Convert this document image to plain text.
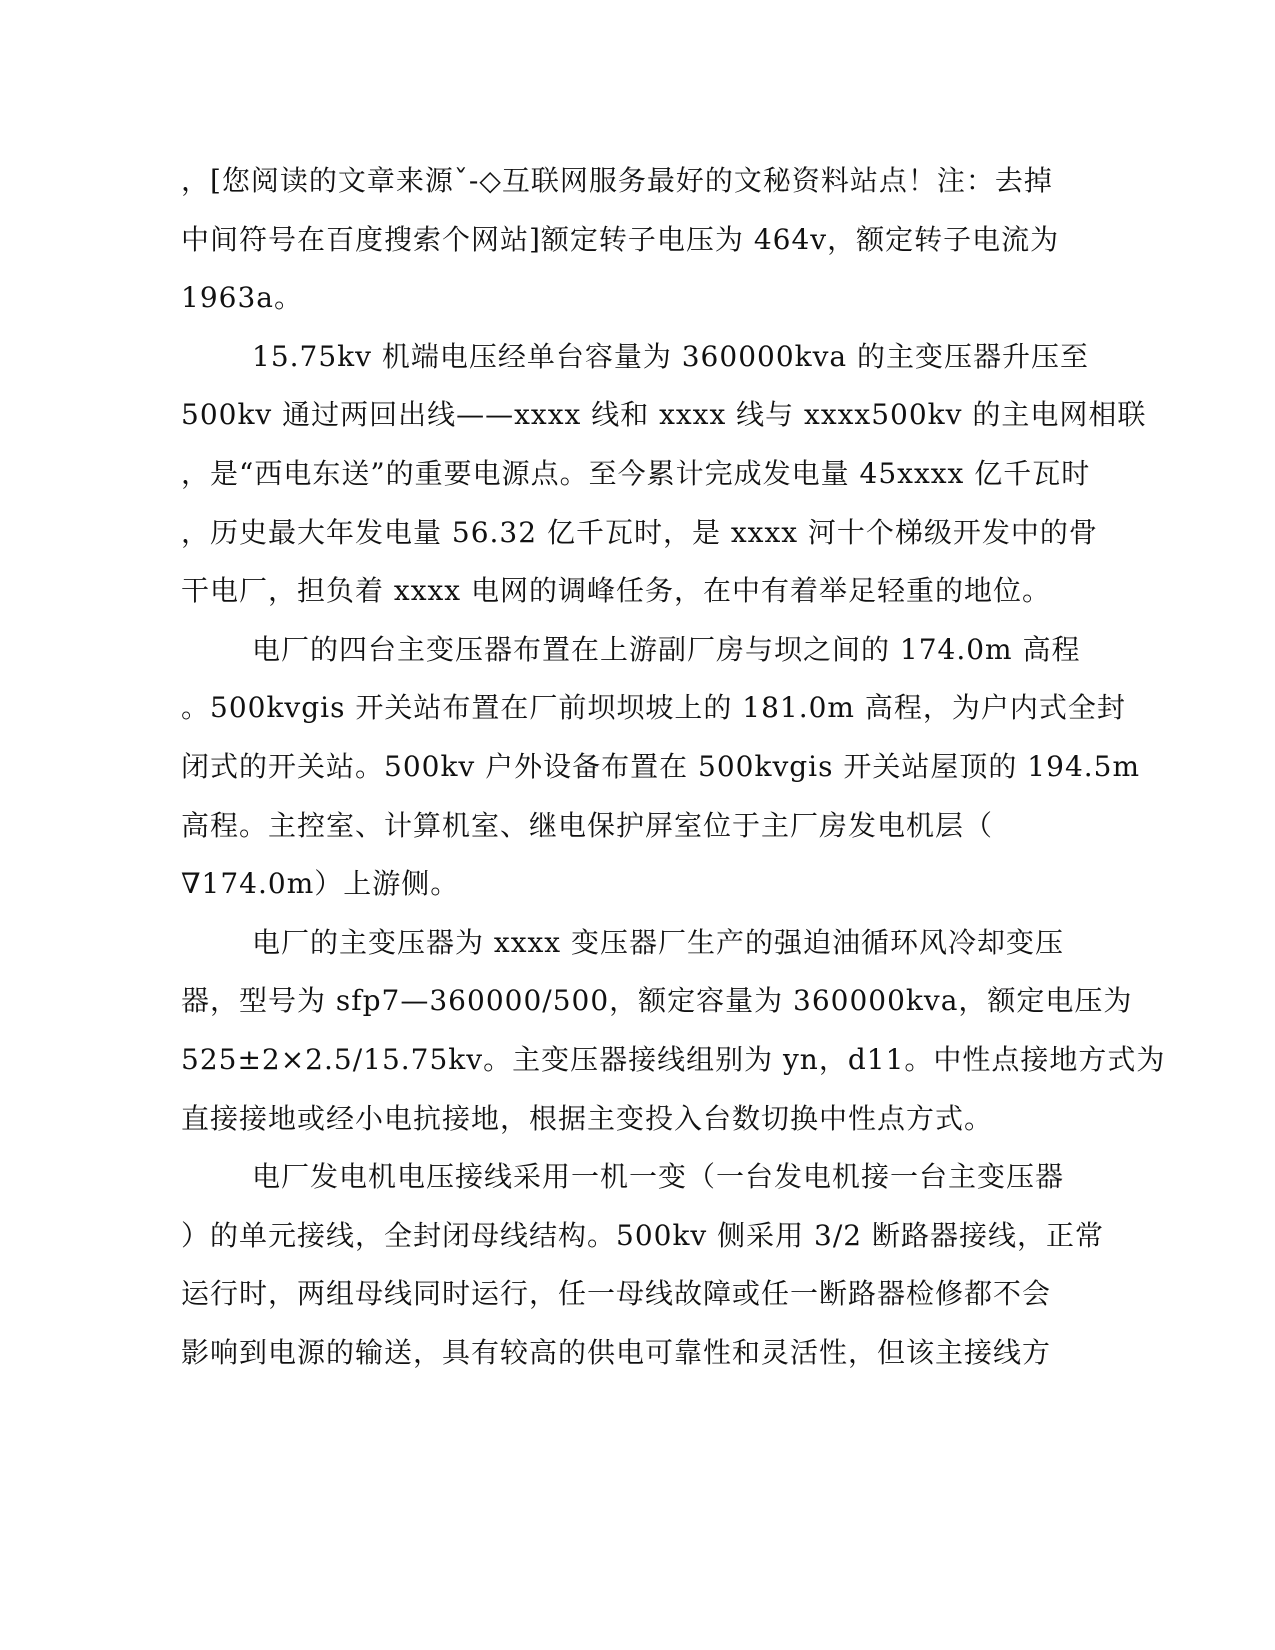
，[您阅读的文章来源ˇ-◇互联网服务最好的文秘资料站点！注：去掉
中间符号在百度搜索个网站]额定转子电压为 464v，额定转子电流为
1963a。
15.75kv 机端电压经单台容量为 360000kva 的主变压器升压至
500kv 通过两回出线——xxxx 线和 xxxx 线与 xxxx500kv 的主电网相联
，是“西电东送”的重要电源点。至今累计完成发电量 45xxxx 亿千瓦时
，历史最大年发电量 56.32 亿千瓦时，是 xxxx 河十个梯级开发中的骨
干电厂，担负着 xxxx 电网的调峰任务，在中有着举足轻重的地位。
电厂的四台主变压器布置在上游副厂房与坝之间的 174.0m 高程
。500kvgis 开关站布置在厂前坝坝坡上的 181.0m 高程，为户内式全封
闭式的开关站。500kv 户外设备布置在 500kvgis 开关站屋顶的 194.5m
高程。主控室、计算机室、继电保护屏室位于主厂房发电机层（
∇174.0m）上游侧。
电厂的主变压器为 xxxx 变压器厂生产的强迫油循环风冷却变压
器，型号为 sfp7—360000/500，额定容量为 360000kva，额定电压为
525±2×2.5/15.75kv。主变压器接线组别为 yn，d11。中性点接地方式为
直接接地或经小电抗接地，根据主变投入台数切换中性点方式。
电厂发电机电压接线采用一机一变（一台发电机接一台主变压器
）的单元接线，全封闭母线结构。500kv 侧采用 3/2 断路器接线，正常
运行时，两组母线同时运行，任一母线故障或任一断路器检修都不会
影响到电源的输送，具有较高的供电可靠性和灵活性，但该主接线方
